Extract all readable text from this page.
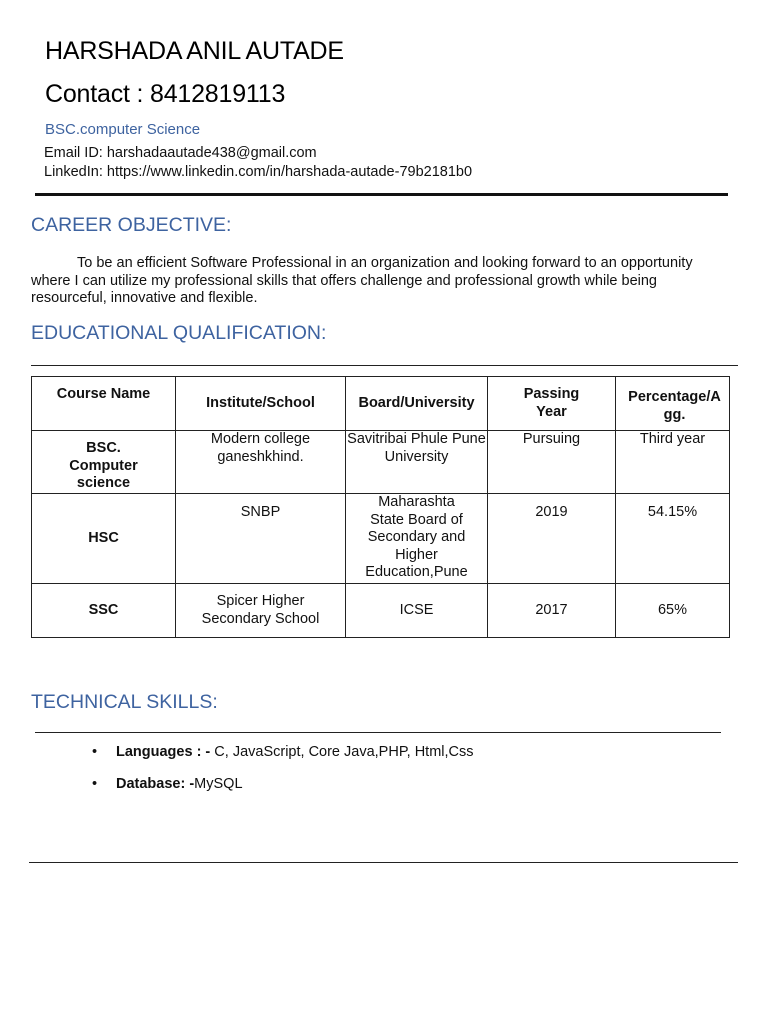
HARSHADA ANIL AUTADE
Contact : 8412819113
BSC.computer Science
Email ID: harshadaautade438@gmail.com
LinkedIn: https://www.linkedin.com/in/harshada-autade-79b2181b0
CAREER OBJECTIVE:
To be an efficient Software Professional in an organization and looking forward to an opportunity
where I can utilize my professional skills that offers challenge and professional growth while being
resourceful, innovative and flexible.
EDUCATIONAL QUALIFICATION:
Course Name	Institute/School	Board/University	Passing Year	Percentage/Agg.

BSC. Computer science	Modern college ganeshkhind.	Savitribai Phule Pune University	Pursuing	Third year

HSC	SNBP	Maharashta State Board of Secondary and Higher Education,Pune	2019	54.15%

SSC	Spicer Higher Secondary School	ICSE	2017	65%
TECHNICAL SKILLS:
•	Languages : - C, JavaScript, Core Java,PHP, Html,Css
•	Database: -MySQL
